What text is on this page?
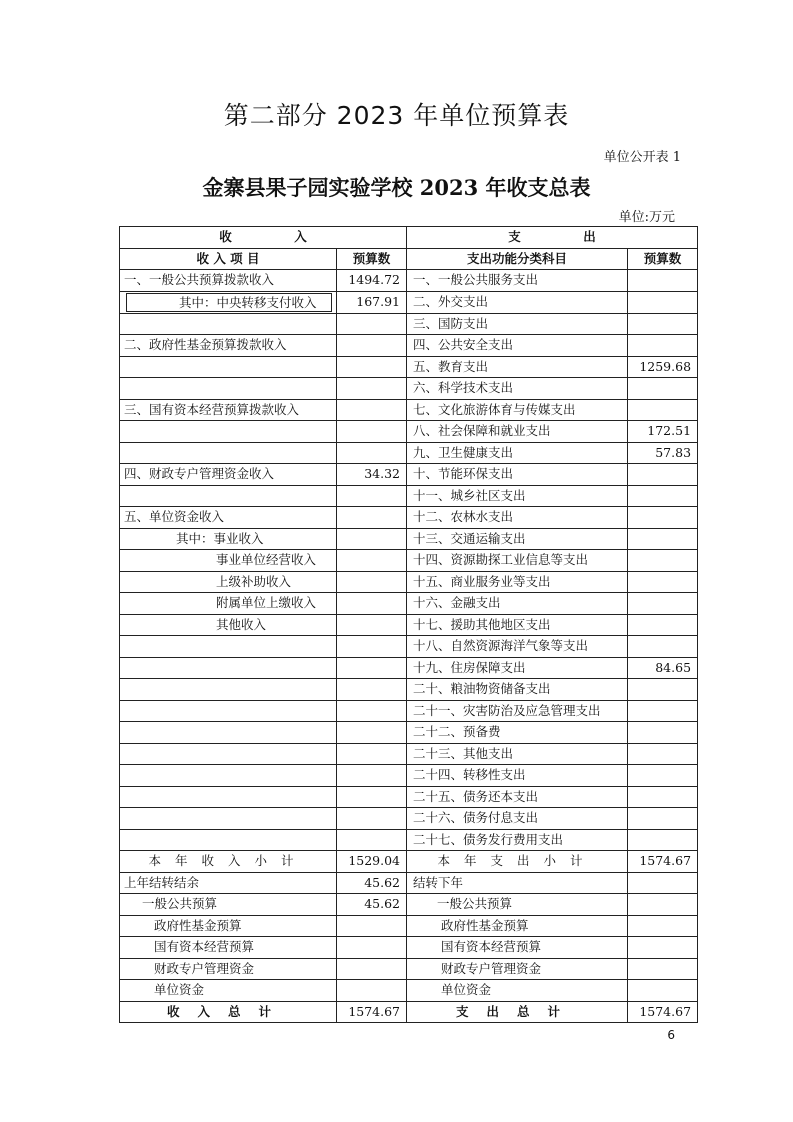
第二部分 2023 年单位预算表
单位公开表 1
金寨县果子园实验学校 2023 年收支总表
单位:万元
收　　　　　入		支　　　　　出	
收 入 项 目	预算数	支出功能分类科目	预算数
一、一般公共预算拨款收入	1494.72	一、一般公共服务支出	

其中：中央转移支付收入	167.91	二、外交支出	
		三、国防支出	
二、政府性基金预算拨款收入		四、公共安全支出	
		五、教育支出	1259.68
		六、科学技术支出	
三、国有资本经营预算拨款收入		七、文化旅游体育与传媒支出	
		八、社会保障和就业支出	172.51
		九、卫生健康支出	57.83
四、财政专户管理资金收入	34.32	十、节能环保支出	
		十一、城乡社区支出	
五、单位资金收入		十二、农林水支出	
其中：事业收入		十三、交通运输支出	
事业单位经营收入		十四、资源勘探工业信息等支出	
上级补助收入		十五、商业服务业等支出	
附属单位上缴收入		十六、金融支出	
其他收入		十七、援助其他地区支出	
		十八、自然资源海洋气象等支出	
		十九、住房保障支出	84.65
		二十、粮油物资储备支出	
		二十一、灾害防治及应急管理支出	
		二十二、预备费	
		二十三、其他支出	
		二十四、转移性支出	
		二十五、债务还本支出	
		二十六、债务付息支出	
		二十七、债务发行费用支出	
本年收入小计	1529.04	本年支出小计	1574.67
上年结转结余	45.62	结转下年	
一般公共预算	45.62	一般公共预算	
政府性基金预算		政府性基金预算	
国有资本经营预算		国有资本经营预算	
财政专户管理资金		财政专户管理资金	
单位资金		单位资金	
收入总计	1574.67	支出总计	1574.67
6
